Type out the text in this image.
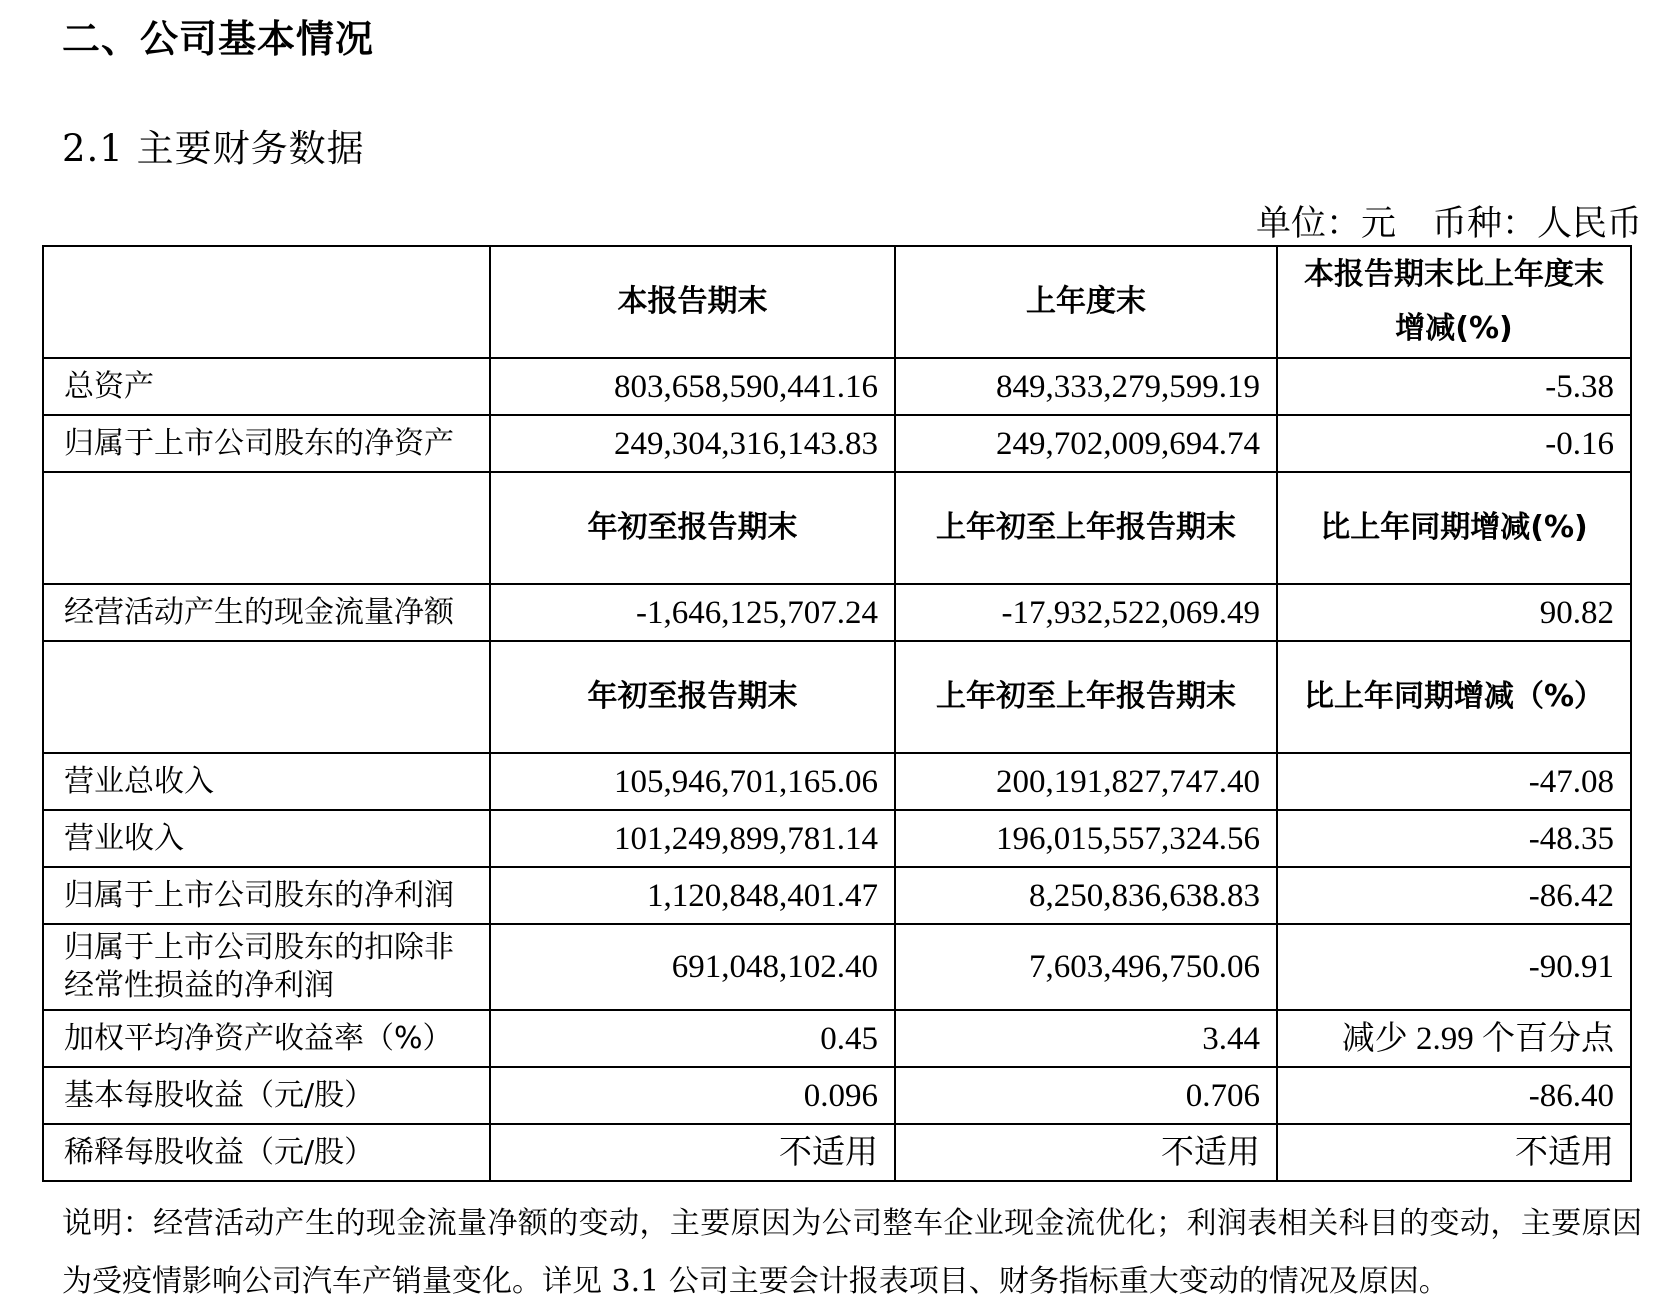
二、公司基本情况
2.1 主要财务数据
单位：元 币种：人民币
	本报告期末	上年度末	本报告期末比上年度末增减(%)
总资产	803,658,590,441.16	849,333,279,599.19	-5.38
归属于上市公司股东的净资产	249,304,316,143.83	249,702,009,694.74	-0.16
	年初至报告期末	上年初至上年报告期末	比上年同期增减(%)
经营活动产生的现金流量净额	-1,646,125,707.24	-17,932,522,069.49	90.82
	年初至报告期末	上年初至上年报告期末	比上年同期增减（%）
营业总收入	105,946,701,165.06	200,191,827,747.40	-47.08
营业收入	101,249,899,781.14	196,015,557,324.56	-48.35
归属于上市公司股东的净利润	1,120,848,401.47	8,250,836,638.83	-86.42
归属于上市公司股东的扣除非经常性损益的净利润	691,048,102.40	7,603,496,750.06	-90.91
加权平均净资产收益率（%）	0.45	3.44	减少 2.99 个百分点
基本每股收益（元/股）	0.096	0.706	-86.40
稀释每股收益（元/股）	不适用	不适用	不适用
说明：经营活动产生的现金流量净额的变动，主要原因为公司整车企业现金流优化；利润表相关科目的变动，主要原因为受疫情影响公司汽车产销量变化。详见 3.1 公司主要会计报表项目、财务指标重大变动的情况及原因。
